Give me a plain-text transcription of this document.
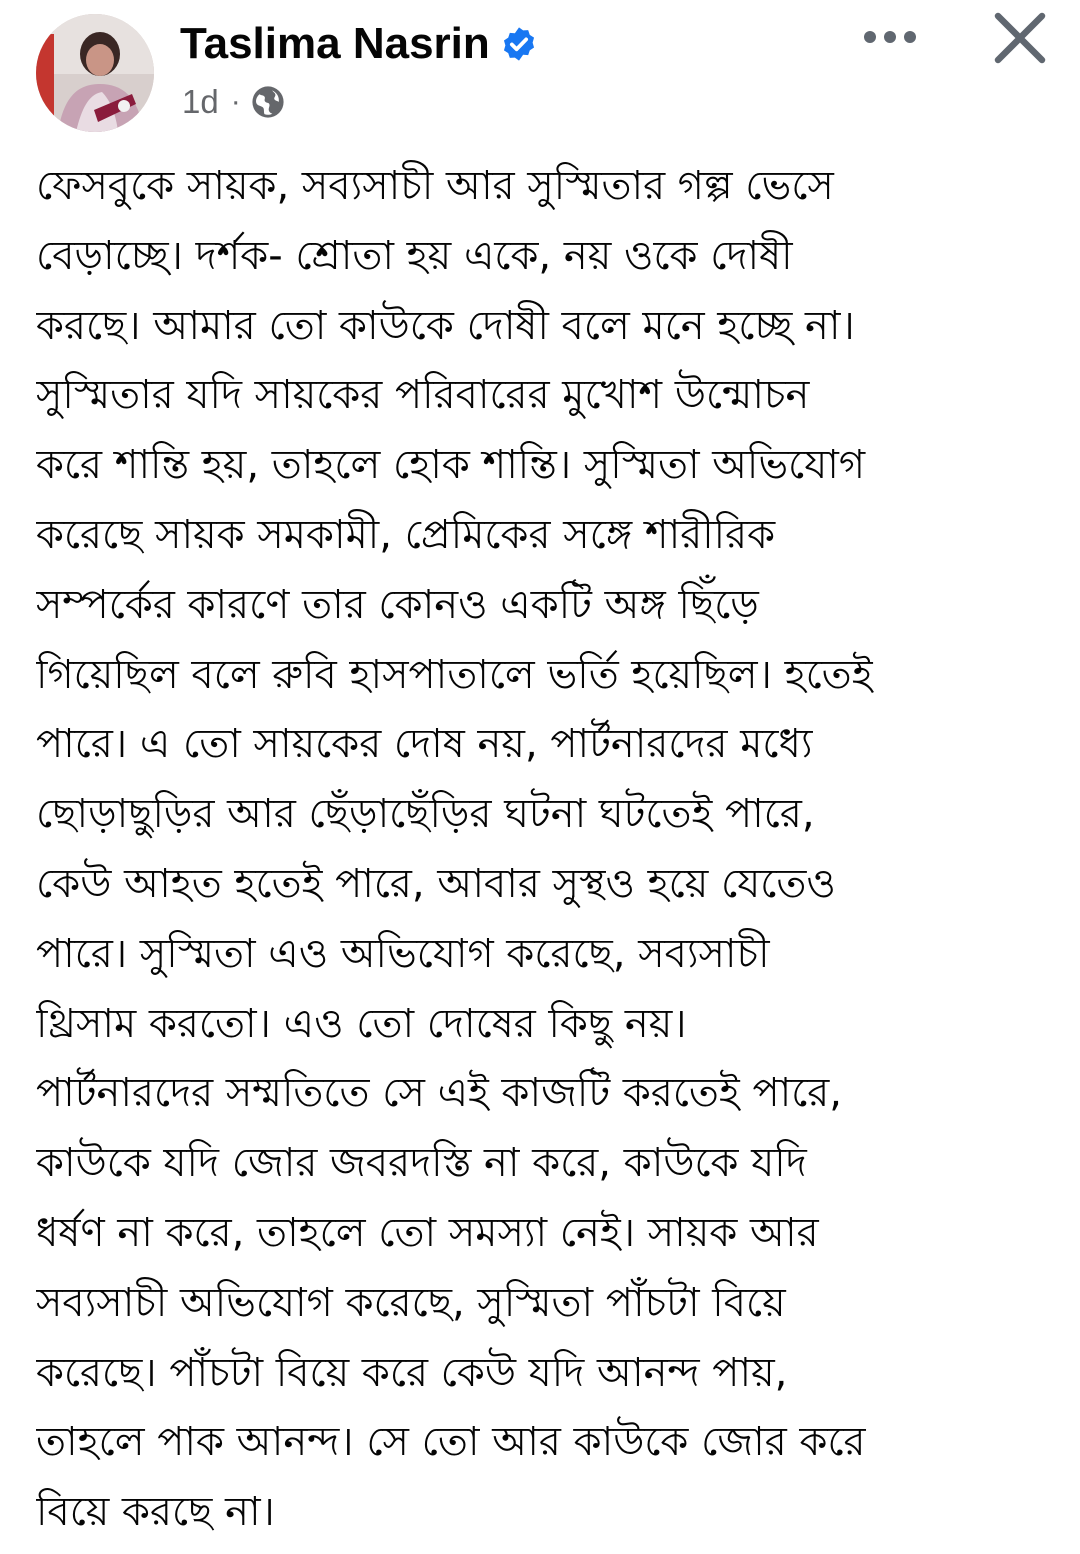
Taslima Nasrin
1d ·
ফেসবুকে সায়ক, সব্যসাচী আর সুস্মিতার গল্প ভেসে
বেড়াচ্ছে। দর্শক- শ্রোতা হয় একে, নয় ওকে দোষী
করছে। আমার তো কাউকে দোষী বলে মনে হচ্ছে না।
সুস্মিতার যদি সায়কের পরিবারের মুখোশ উন্মোচন
করে শান্তি হয়, তাহলে হোক শান্তি। সুস্মিতা অভিযোগ
করেছে সায়ক সমকামী, প্রেমিকের সঙ্গে শারীরিক
সম্পর্কের কারণে তার কোনও একটি অঙ্গ ছিঁড়ে
গিয়েছিল বলে রুবি হাসপাতালে ভর্তি হয়েছিল। হতেই
পারে। এ তো সায়কের দোষ নয়, পার্টনারদের মধ্যে
ছোড়াছুড়ির আর ছেঁড়াছেঁড়ির ঘটনা ঘটতেই পারে,
কেউ আহত হতেই পারে, আবার সুস্থও হয়ে যেতেও
পারে। সুস্মিতা এও অভিযোগ করেছে, সব্যসাচী
থ্রিসাম করতো। এও তো দোষের কিছু নয়।
পার্টনারদের সম্মতিতে সে এই কাজটি করতেই পারে,
কাউকে যদি জোর জবরদস্তি না করে, কাউকে যদি
ধর্ষণ না করে, তাহলে তো সমস্যা নেই। সায়ক আর
সব্যসাচী অভিযোগ করেছে, সুস্মিতা পাঁচটা বিয়ে
করেছে। পাঁচটা বিয়ে করে কেউ যদি আনন্দ পায়,
তাহলে পাক আনন্দ। সে তো আর কাউকে জোর করে
বিয়ে করছে না।
